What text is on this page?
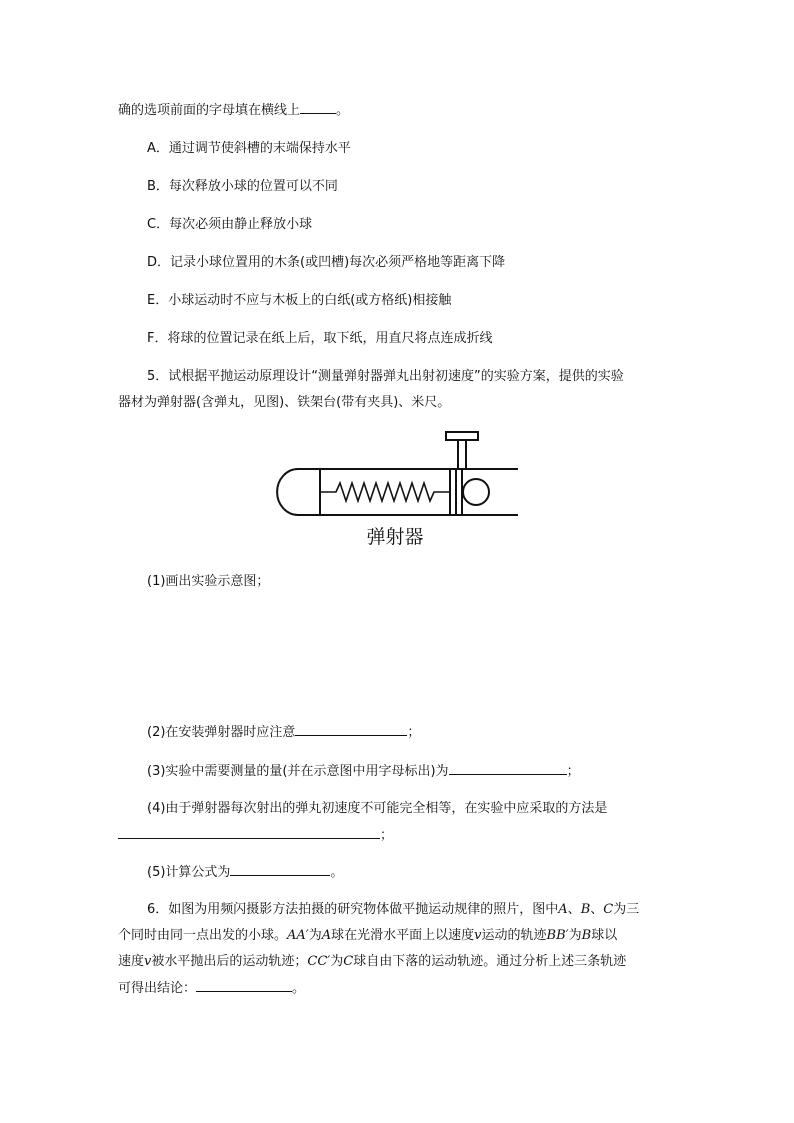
确的选项前面的字母填在横线上	。
A．通过调节使斜槽的末端保持水平
B．每次释放小球的位置可以不同
C．每次必须由静止释放小球
D．记录小球位置用的木条(或凹槽)每次必须严格地等距离下降
E．小球运动时不应与木板上的白纸(或方格纸)相接触
F．将球的位置记录在纸上后，取下纸，用直尺将点连成折线
5．试根据平抛运动原理设计“测量弹射器弹丸出射初速度”的实验方案，提供的实验
器材为弹射器(含弹丸，见图)、铁架台(带有夹具)、米尺。
弹射器
(1)画出实验示意图；
(2)在安装弹射器时应注意	；
(3)实验中需要测量的量(并在示意图中用字母标出)为	；
(4)由于弹射器每次射出的弹丸初速度不可能完全相等，在实验中应采取的方法是
；
(5)计算公式为	。
6．如图为用频闪摄影方法拍摄的研究物体做平抛运动规律的照片，图中A、B、C为三
个同时由同一点出发的小球。AA′为A球在光滑水平面上以速度v运动的轨迹BB′为B球以
速度v被水平抛出后的运动轨迹；CC′为C球自由下落的运动轨迹。通过分析上述三条轨迹
可得出结论：	。
